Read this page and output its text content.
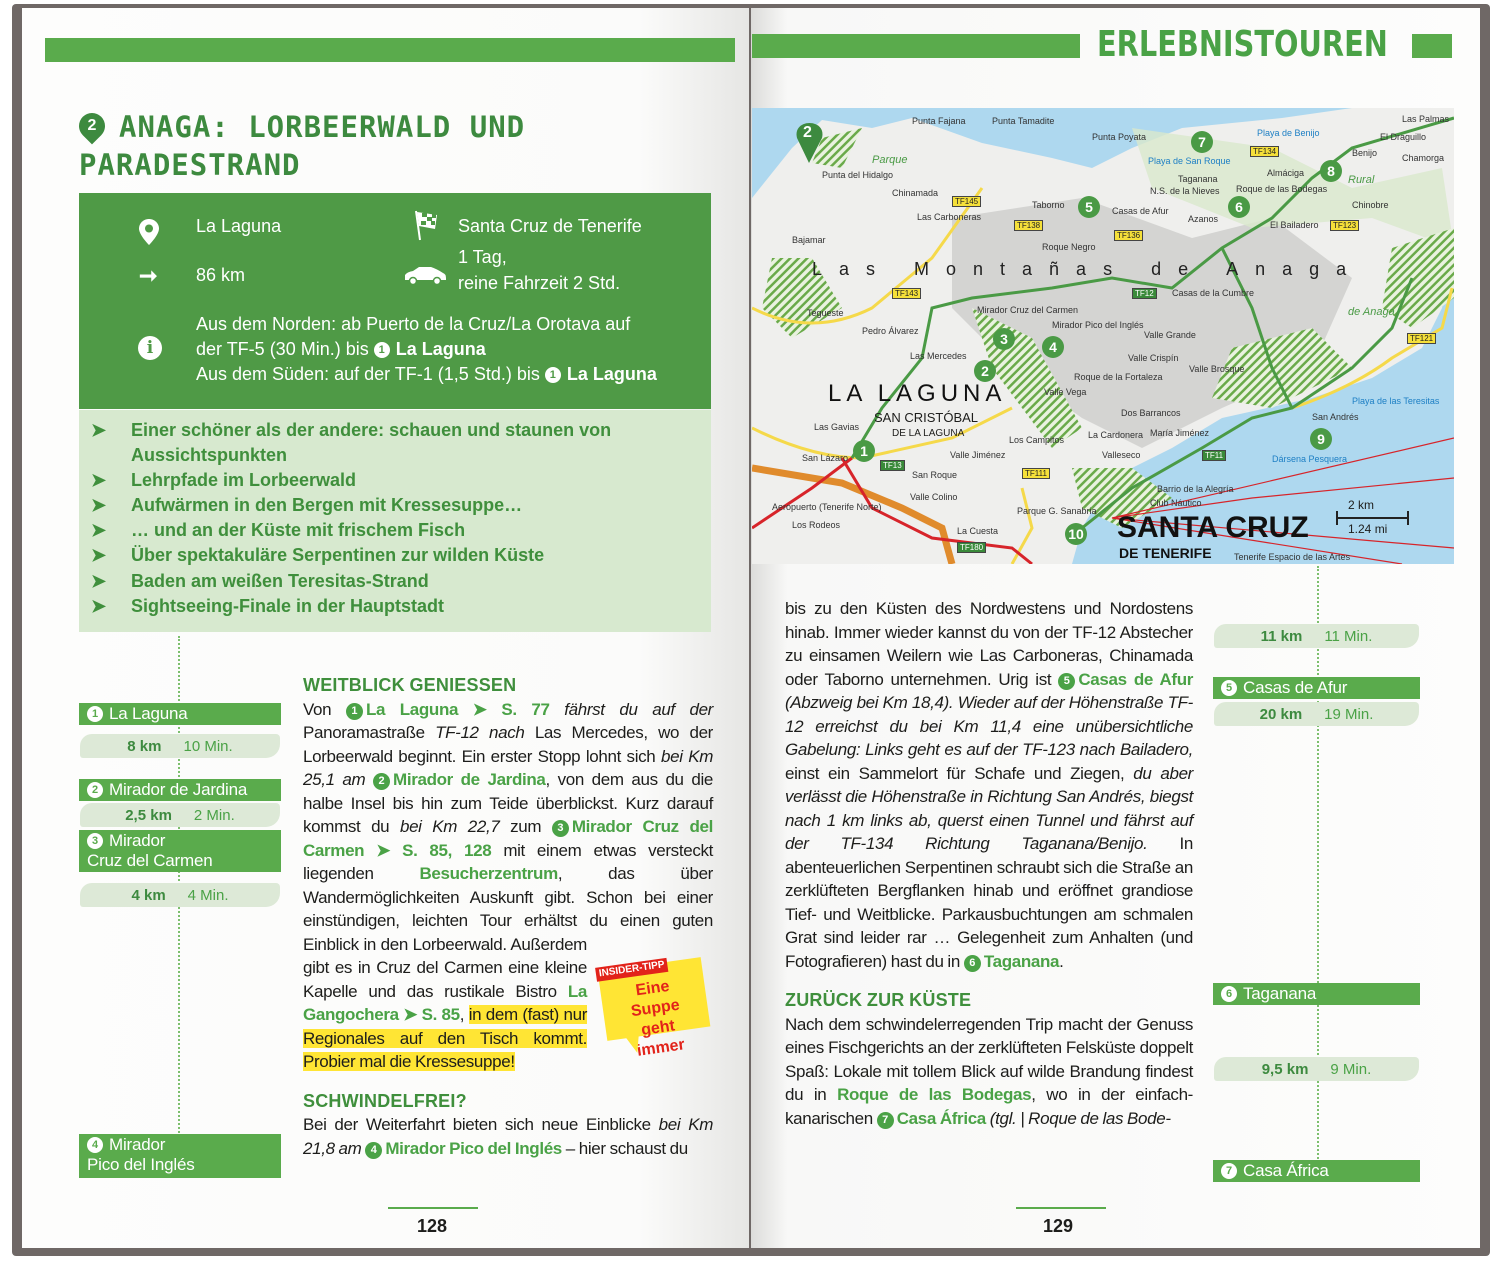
2 ANAGA: LORBEERWALD UND
PARADESTRAND
La Laguna
➞ 86 km
Santa Cruz de Tenerife
1 Tag,
reine Fahrzeit 2 Std.
i
Aus dem Norden: ab Puerto de la Cruz/La Orotava auf
der TF-5 (30 Min.) bis 1 La Laguna
Aus dem Süden: auf der TF-1 (1,5 Std.) bis 1 La Laguna
➤ Einer schöner als der andere: schauen und staunen von
Aussichtspunkten
➤ Lehrpfade im Lorbeerwald
➤ Aufwärmen in den Bergen mit Kressesuppe…
➤ … und an der Küste mit frischem Fisch
➤ Über spektakuläre Serpentinen zur wilden Küste
➤ Baden am weißen Teresitas-Strand
➤ Sightseeing-Finale in der Hauptstadt
1 La Laguna
8 km 10 Min.
2 Mirador de Jardina
2,5 km 2 Min.
3 Mirador
Cruz del Carmen
4 km 4 Min.
4 Mirador
Pico del Inglés
WEITBLICK GENIESSEN
INSIDER-TIPP
Eine Suppe geht immer
Von 1 La Laguna ➤ S. 77 fährst du auf der Panoramastraße TF-12 nach Las Mercedes, wo der Lorbeerwald beginnt. Ein erster Stopp lohnt sich bei Km 25,1 am 2 Mirador de Jardina, von dem aus du die halbe Insel bis hin zum Teide überblickst. Kurz darauf kommst du bei Km 22,7 zum 3 Mirador Cruz del Carmen ➤ S. 85, 128 mit einem etwas versteckt liegenden Besucherzentrum, das über Wandermöglichkeiten Auskunft gibt. Schon bei einer einstündigen, leichten Tour erhältst du einen guten Einblick in den Lorbeerwald. Außerdem gibt es in Cruz del Carmen eine kleine Kapelle und das rustikale Bistro La Gangochera ➤ S. 85, in dem (fast) nur Regionales auf den Tisch kommt. Probier mal die Kressesuppe!
SCHWINDELFREI?
Bei der Weiterfahrt bieten sich neue Einblicke bei Km 21,8 am 4 Mirador Pico del Inglés – hier schaust du
128
ERLEBNISTOUREN
2
1
2
3	4
5	6
7
8
9
10 SANTA CRUZ
DE TENERIFE
LA LAGUNA
SAN CRISTÓBAL
DE LA LAGUNA
Las Montañas de Anaga
2 km
1.24 mi
Punta Fajana	Punta Tamadite
Punta Poyata	Playa de Benijo
Las Palmas
El Draguillo
Chamorga
Benijo
Playa de San Roque
Almáciga
Roque de las Bodegas
Taganana
N.S. de la Nieves
Azanos
El Bailadero
Chinobre
Casas de Afur
Taborno
Chinamada
Las Carboneras
Roque Negro
Casas de la Cumbre
Tegueste
Pedro Álvarez
Las Mercedes
Mirador Cruz del Carmen
Mirador Pico del Inglés
Valle Grande
Valle Crispín
Valle Brosque
Roque de la Fortaleza
Valle Vega
Dos Barrancos
María Jiménez
La Cardonera
Valleseco
Barrio de la Alegría
Club Náutico
San Andrés
Playa de las Teresitas
Dársena Pesquera
Valle Jiménez
Los Campitos
San Roque
Valle Colino
La Cuesta
Parque G. Sanabria
Aeropuerto (Tenerife Norte)
Los Rodeos
San Lázaro
Las Gavias
Punta del Hidalgo
Bajamar
Parque
Rural
de Anaga
Tenerife Espacio de las Artes
TF145
TF138
TF136
TF12
TF143
TF134
TF123
TF121
TF11
TF111
TF13
TF180
11 km 11 Min.
5 Casas de Afur
20 km 19 Min.
6 Taganana
9,5 km 9 Min.
7 Casa África
bis zu den Küsten des Nordwestens und Nordostens hinab. Immer wieder kannst du von der TF-12 Abstecher zu einsamen Weilern wie Las Carboneras, Chinamada oder Taborno unternehmen. Urig ist 5 Casas de Afur (Abzweig bei Km 18,4). Wieder auf der Höhenstraße TF-12 erreichst du bei Km 11,4 eine unübersichtliche Gabelung: Links geht es auf der TF-123 nach Bailadero, einst ein Sammelort für Schafe und Ziegen, du aber verlässt die Höhenstraße in Richtung San Andrés, biegst nach 1 km links ab, querst einen Tunnel und fährst auf der TF-134 Richtung Taganana/Benijo. In abenteuerlichen Serpentinen schraubt sich die Straße an zerklüfteten Bergflanken hinab und eröffnet grandiose Tief- und Weitblicke. Parkausbuchtungen am schmalen Grat sind leider rar … Gelegenheit zum Anhalten (und Fotografieren) hast du in 6 Taganana.
ZURÜCK ZUR KÜSTE
Nach dem schwindelerregenden Trip macht der Genuss eines Fischgerichts an der zerklüfteten Felsküste doppelt Spaß: Lokale mit tollem Blick auf wilde Brandung findest du in Roque de las Bodegas, wo in der einfach-kanarischen 7 Casa África (tgl. | Roque de las Bode-
129
